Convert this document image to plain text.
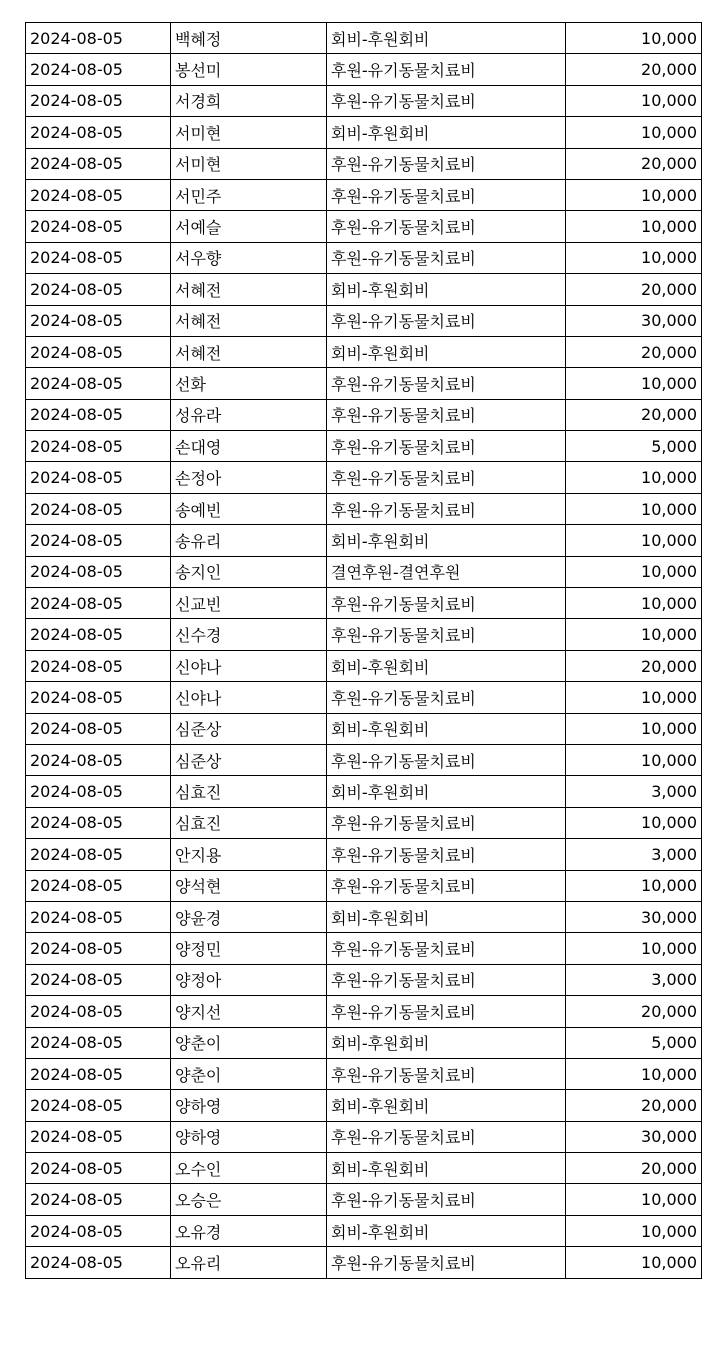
2024-08-05	백혜정	회비-후원회비	10,000
2024-08-05	봉선미	후원-유기동물치료비	20,000
2024-08-05	서경희	후원-유기동물치료비	10,000
2024-08-05	서미현	회비-후원회비	10,000
2024-08-05	서미현	후원-유기동물치료비	20,000
2024-08-05	서민주	후원-유기동물치료비	10,000
2024-08-05	서예슬	후원-유기동물치료비	10,000
2024-08-05	서우향	후원-유기동물치료비	10,000
2024-08-05	서혜전	회비-후원회비	20,000
2024-08-05	서혜전	후원-유기동물치료비	30,000
2024-08-05	서혜전	회비-후원회비	20,000
2024-08-05	선화	후원-유기동물치료비	10,000
2024-08-05	성유라	후원-유기동물치료비	20,000
2024-08-05	손대영	후원-유기동물치료비	5,000
2024-08-05	손정아	후원-유기동물치료비	10,000
2024-08-05	송예빈	후원-유기동물치료비	10,000
2024-08-05	송유리	회비-후원회비	10,000
2024-08-05	송지인	결연후원-결연후원	10,000
2024-08-05	신교빈	후원-유기동물치료비	10,000
2024-08-05	신수경	후원-유기동물치료비	10,000
2024-08-05	신야나	회비-후원회비	20,000
2024-08-05	신야나	후원-유기동물치료비	10,000
2024-08-05	심준상	회비-후원회비	10,000
2024-08-05	심준상	후원-유기동물치료비	10,000
2024-08-05	심효진	회비-후원회비	3,000
2024-08-05	심효진	후원-유기동물치료비	10,000
2024-08-05	안지용	후원-유기동물치료비	3,000
2024-08-05	양석현	후원-유기동물치료비	10,000
2024-08-05	양윤경	회비-후원회비	30,000
2024-08-05	양정민	후원-유기동물치료비	10,000
2024-08-05	양정아	후원-유기동물치료비	3,000
2024-08-05	양지선	후원-유기동물치료비	20,000
2024-08-05	양춘이	회비-후원회비	5,000
2024-08-05	양춘이	후원-유기동물치료비	10,000
2024-08-05	양하영	회비-후원회비	20,000
2024-08-05	양하영	후원-유기동물치료비	30,000
2024-08-05	오수인	회비-후원회비	20,000
2024-08-05	오승은	후원-유기동물치료비	10,000
2024-08-05	오유경	회비-후원회비	10,000
2024-08-05	오유리	후원-유기동물치료비	10,000
